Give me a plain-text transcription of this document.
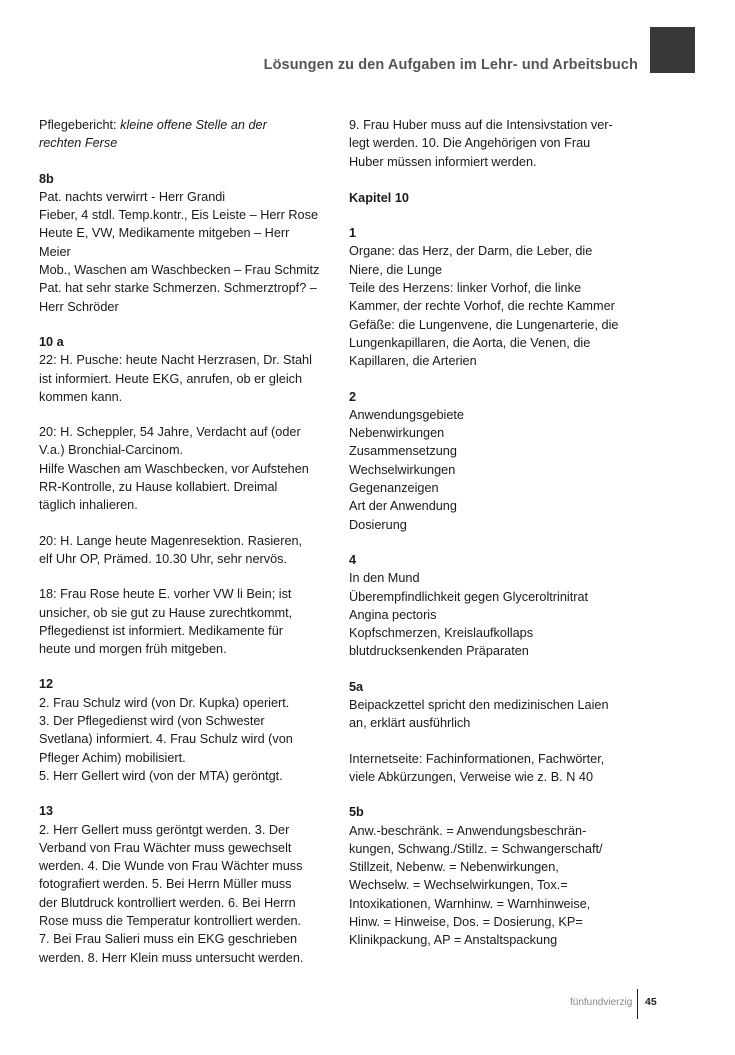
Lösungen zu den Aufgaben im Lehr- und Arbeitsbuch

Pflegebericht: kleine offene Stelle an der

rechten Ferse

8b

Pat. nachts verwirrt - Herr Grandi

Fieber, 4 stdl. Temp.kontr., Eis Leiste – Herr Rose

Heute E, VW, Medikamente mitgeben – Herr

Meier

Mob., Waschen am Waschbecken – Frau Schmitz

Pat. hat sehr starke Schmerzen. Schmerztropf? –

Herr Schröder

10 a

22: H. Pusche: heute Nacht Herzrasen, Dr. Stahl

ist informiert. Heute EKG, anrufen, ob er gleich

kommen kann.

20: H. Scheppler, 54 Jahre, Verdacht auf (oder

V.a.) Bronchial-Carcinom.

Hilfe Waschen am Waschbecken, vor Aufstehen

RR-Kontrolle, zu Hause kollabiert. Dreimal

täglich inhalieren.

20: H. Lange heute Magenresektion. Rasieren,

elf Uhr OP, Prämed. 10.30 Uhr, sehr nervös.

18: Frau Rose heute E. vorher VW li Bein; ist

unsicher, ob sie gut zu Hause zurechtkommt,

Pflegedienst ist informiert. Medikamente für

heute und morgen früh mitgeben.

12

2. Frau Schulz wird (von Dr. Kupka) operiert.

3. Der Pflegedienst wird (von Schwester

Svetlana) informiert. 4. Frau Schulz wird (von

Pfleger Achim) mobilisiert.

5. Herr Gellert wird (von der MTA) geröntgt.

13

2. Herr Gellert muss geröntgt werden. 3. Der

Verband von Frau Wächter muss gewechselt

werden. 4. Die Wunde von Frau Wächter muss

fotografiert werden. 5. Bei Herrn Müller muss

der Blutdruck kontrolliert werden. 6. Bei Herrn

Rose muss die Temperatur kontrolliert werden.

7. Bei Frau Salieri muss ein EKG geschrieben

werden. 8. Herr Klein muss untersucht werden.

9. Frau Huber muss auf die Intensivstation ver-

legt werden. 10. Die Angehörigen von Frau

Huber müssen informiert werden.

Kapitel 10
1

Organe: das Herz, der Darm, die Leber, die

Niere, die Lunge

Teile des Herzens: linker Vorhof, die linke

Kammer, der rechte Vorhof, die rechte Kammer

Gefäße: die Lungenvene, die Lungenarterie, die

Lungenkapillaren, die Aorta, die Venen, die

Kapillaren, die Arterien

2

Anwendungsgebiete

Nebenwirkungen

Zusammensetzung

Wechselwirkungen

Gegenanzeigen

Art der Anwendung

Dosierung

4

In den Mund

Überempfindlichkeit gegen Glyceroltrinitrat

Angina pectoris

Kopfschmerzen, Kreislaufkollaps

blutdrucksenkenden Präparaten

5a

Beipackzettel spricht den medizinischen Laien

an, erklärt ausführlich

Internetseite: Fachinformationen, Fachwörter,

viele Abkürzungen, Verweise wie z. B. N 40

5b

Anw.-beschränk. = Anwendungsbeschrän-

kungen, Schwang./Stillz. = Schwangerschaft/

Stillzeit, Nebenw. = Nebenwirkungen,

Wechselw. = Wechselwirkungen, Tox.=

Intoxikationen, Warnhinw. = Warnhinweise,

Hinw. = Hinweise, Dos. = Dosierung, KP=

Klinikpackung, AP = Anstaltspackung

fünfundvierzig 45
